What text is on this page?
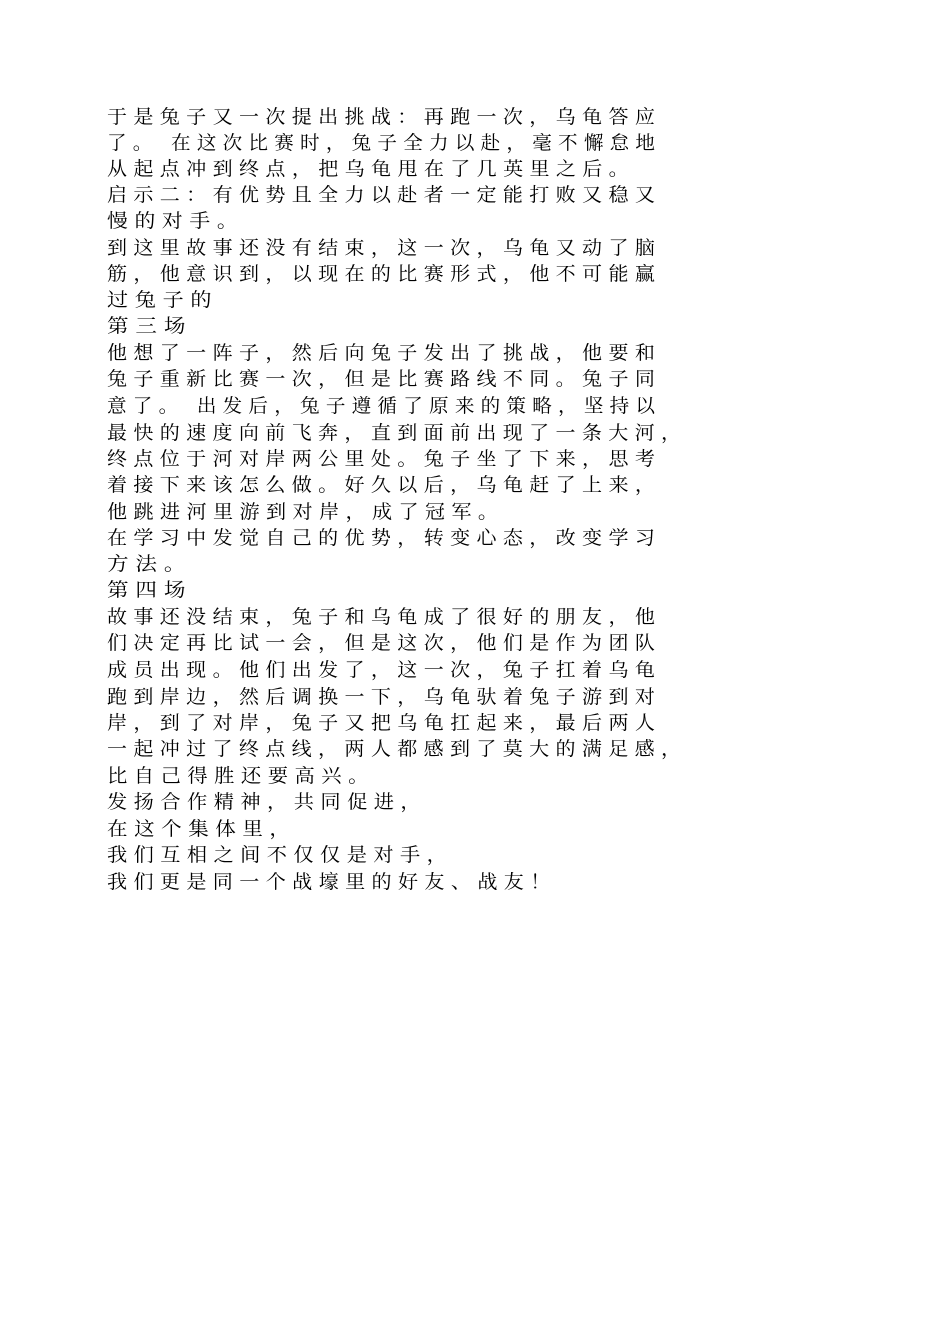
于 是 兔 子 又 一 次 提 出 挑 战 ： 再 跑 一 次 ， 乌 龟 答 应
了 。   在 这 次 比 赛 时 ， 兔 子 全 力 以 赴 ， 毫 不 懈 怠 地
从 起 点 冲 到 终 点 ， 把 乌 龟 甩 在 了 几 英 里 之 后 。
启 示 二 ： 有 优 势 且 全 力 以 赴 者 一 定 能 打 败 又 稳 又
慢 的 对 手 。
到 这 里 故 事 还 没 有 结 束 ， 这 一 次 ， 乌 龟 又 动 了 脑
筋 ， 他 意 识 到 ， 以 现 在 的 比 赛 形 式 ， 他 不 可 能 赢
过 兔 子 的
第 三 场
他 想 了 一 阵 子 ， 然 后 向 兔 子 发 出 了 挑 战 ， 他 要 和
兔 子 重 新 比 赛 一 次 ， 但 是 比 赛 路 线 不 同 。 兔 子 同
意 了 。   出 发 后 ， 兔 子 遵 循 了 原 来 的 策 略 ， 坚 持 以
最 快 的 速 度 向 前 飞 奔 ， 直 到 面 前 出 现 了 一 条 大 河 ，
终 点 位 于 河 对 岸 两 公 里 处 。 兔 子 坐 了 下 来 ， 思 考
着 接 下 来 该 怎 么 做 。 好 久 以 后 ， 乌 龟 赶 了 上 来 ，
他 跳 进 河 里 游 到 对 岸 ， 成 了 冠 军 。
在 学 习 中 发 觉 自 己 的 优 势 ， 转 变 心 态 ， 改 变 学 习
方 法 。
第 四 场
故 事 还 没 结 束 ， 兔 子 和 乌 龟 成 了 很 好 的 朋 友 ， 他
们 决 定 再 比 试 一 会 ， 但 是 这 次 ， 他 们 是 作 为 团 队
成 员 出 现 。 他 们 出 发 了 ， 这 一 次 ， 兔 子 扛 着 乌 龟
跑 到 岸 边 ， 然 后 调 换 一 下 ， 乌 龟 驮 着 兔 子 游 到 对
岸 ， 到 了 对 岸 ， 兔 子 又 把 乌 龟 扛 起 来 ， 最 后 两 人
一 起 冲 过 了 终 点 线 ， 两 人 都 感 到 了 莫 大 的 满 足 感 ，
比 自 己 得 胜 还 要 高 兴 。
发 扬 合 作 精 神 ， 共 同 促 进 ，
在 这 个 集 体 里 ，
我 们 互 相 之 间 不 仅 仅 是 对 手 ，
我 们 更 是 同 一 个 战 壕 里 的 好 友 、 战 友 ！
